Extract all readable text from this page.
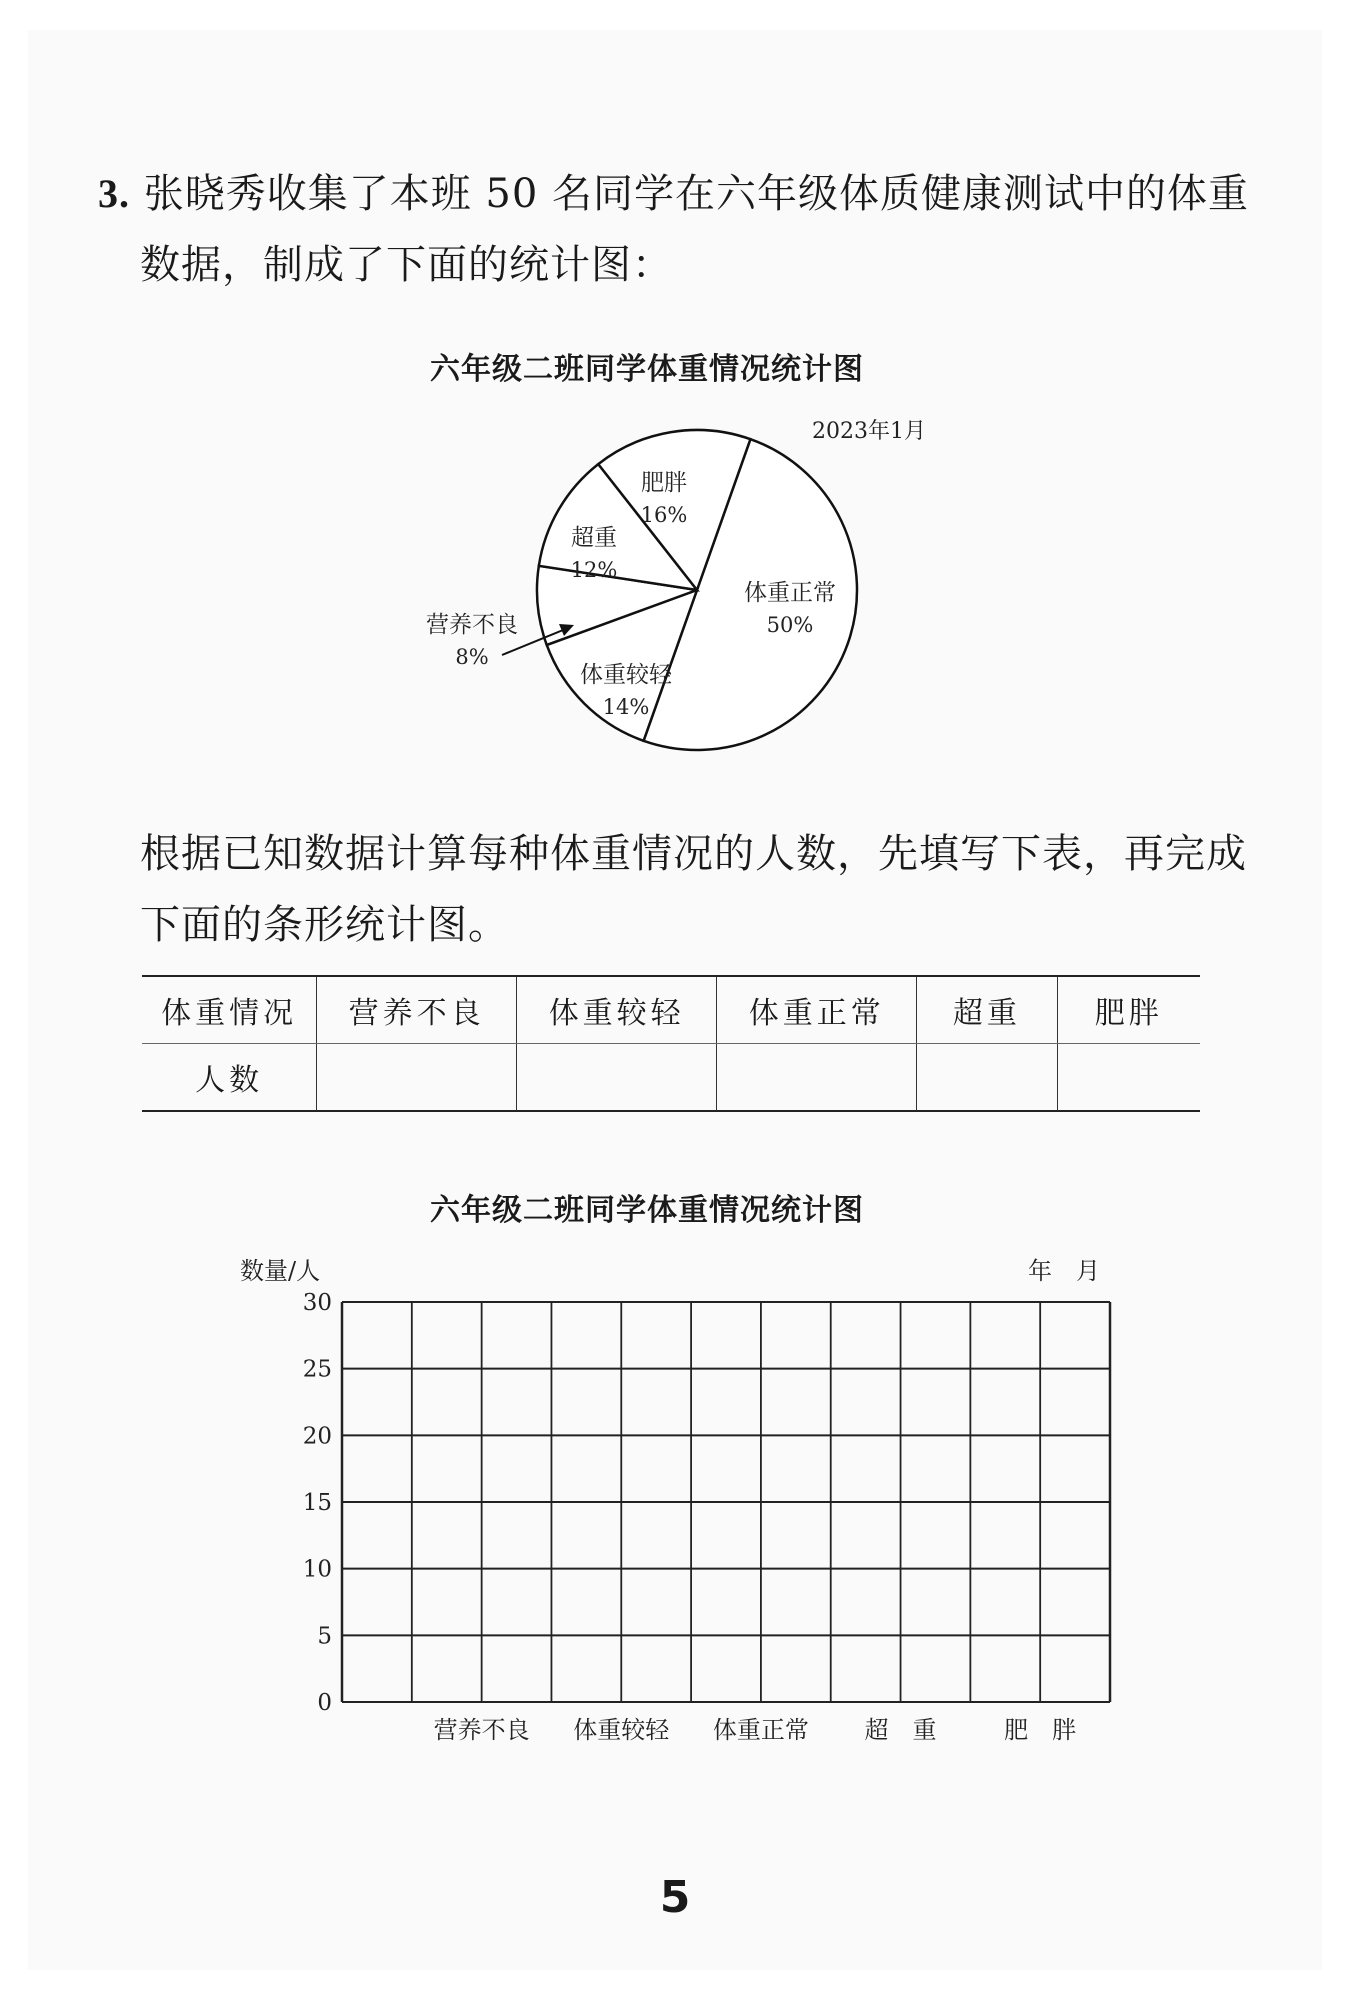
3. 张晓秀收集了本班 50 名同学在六年级体质健康测试中的体重
数据，制成了下面的统计图：
六年级二班同学体重情况统计图
体重正常
50%
体重较轻
14%
营养不良
8%
超重
12%
肥胖
16%
2023年1月
根据已知数据计算每种体重情况的人数，先填写下表，再完成
下面的条形统计图。
体重情况	营养不良	体重较轻	体重正常	超重	肥胖
人数					
六年级二班同学体重情况统计图
数量/人	年　月
0
5
10
15
20
25
30
营养不良 体重较轻 体重正常 超　重	肥　胖
5
